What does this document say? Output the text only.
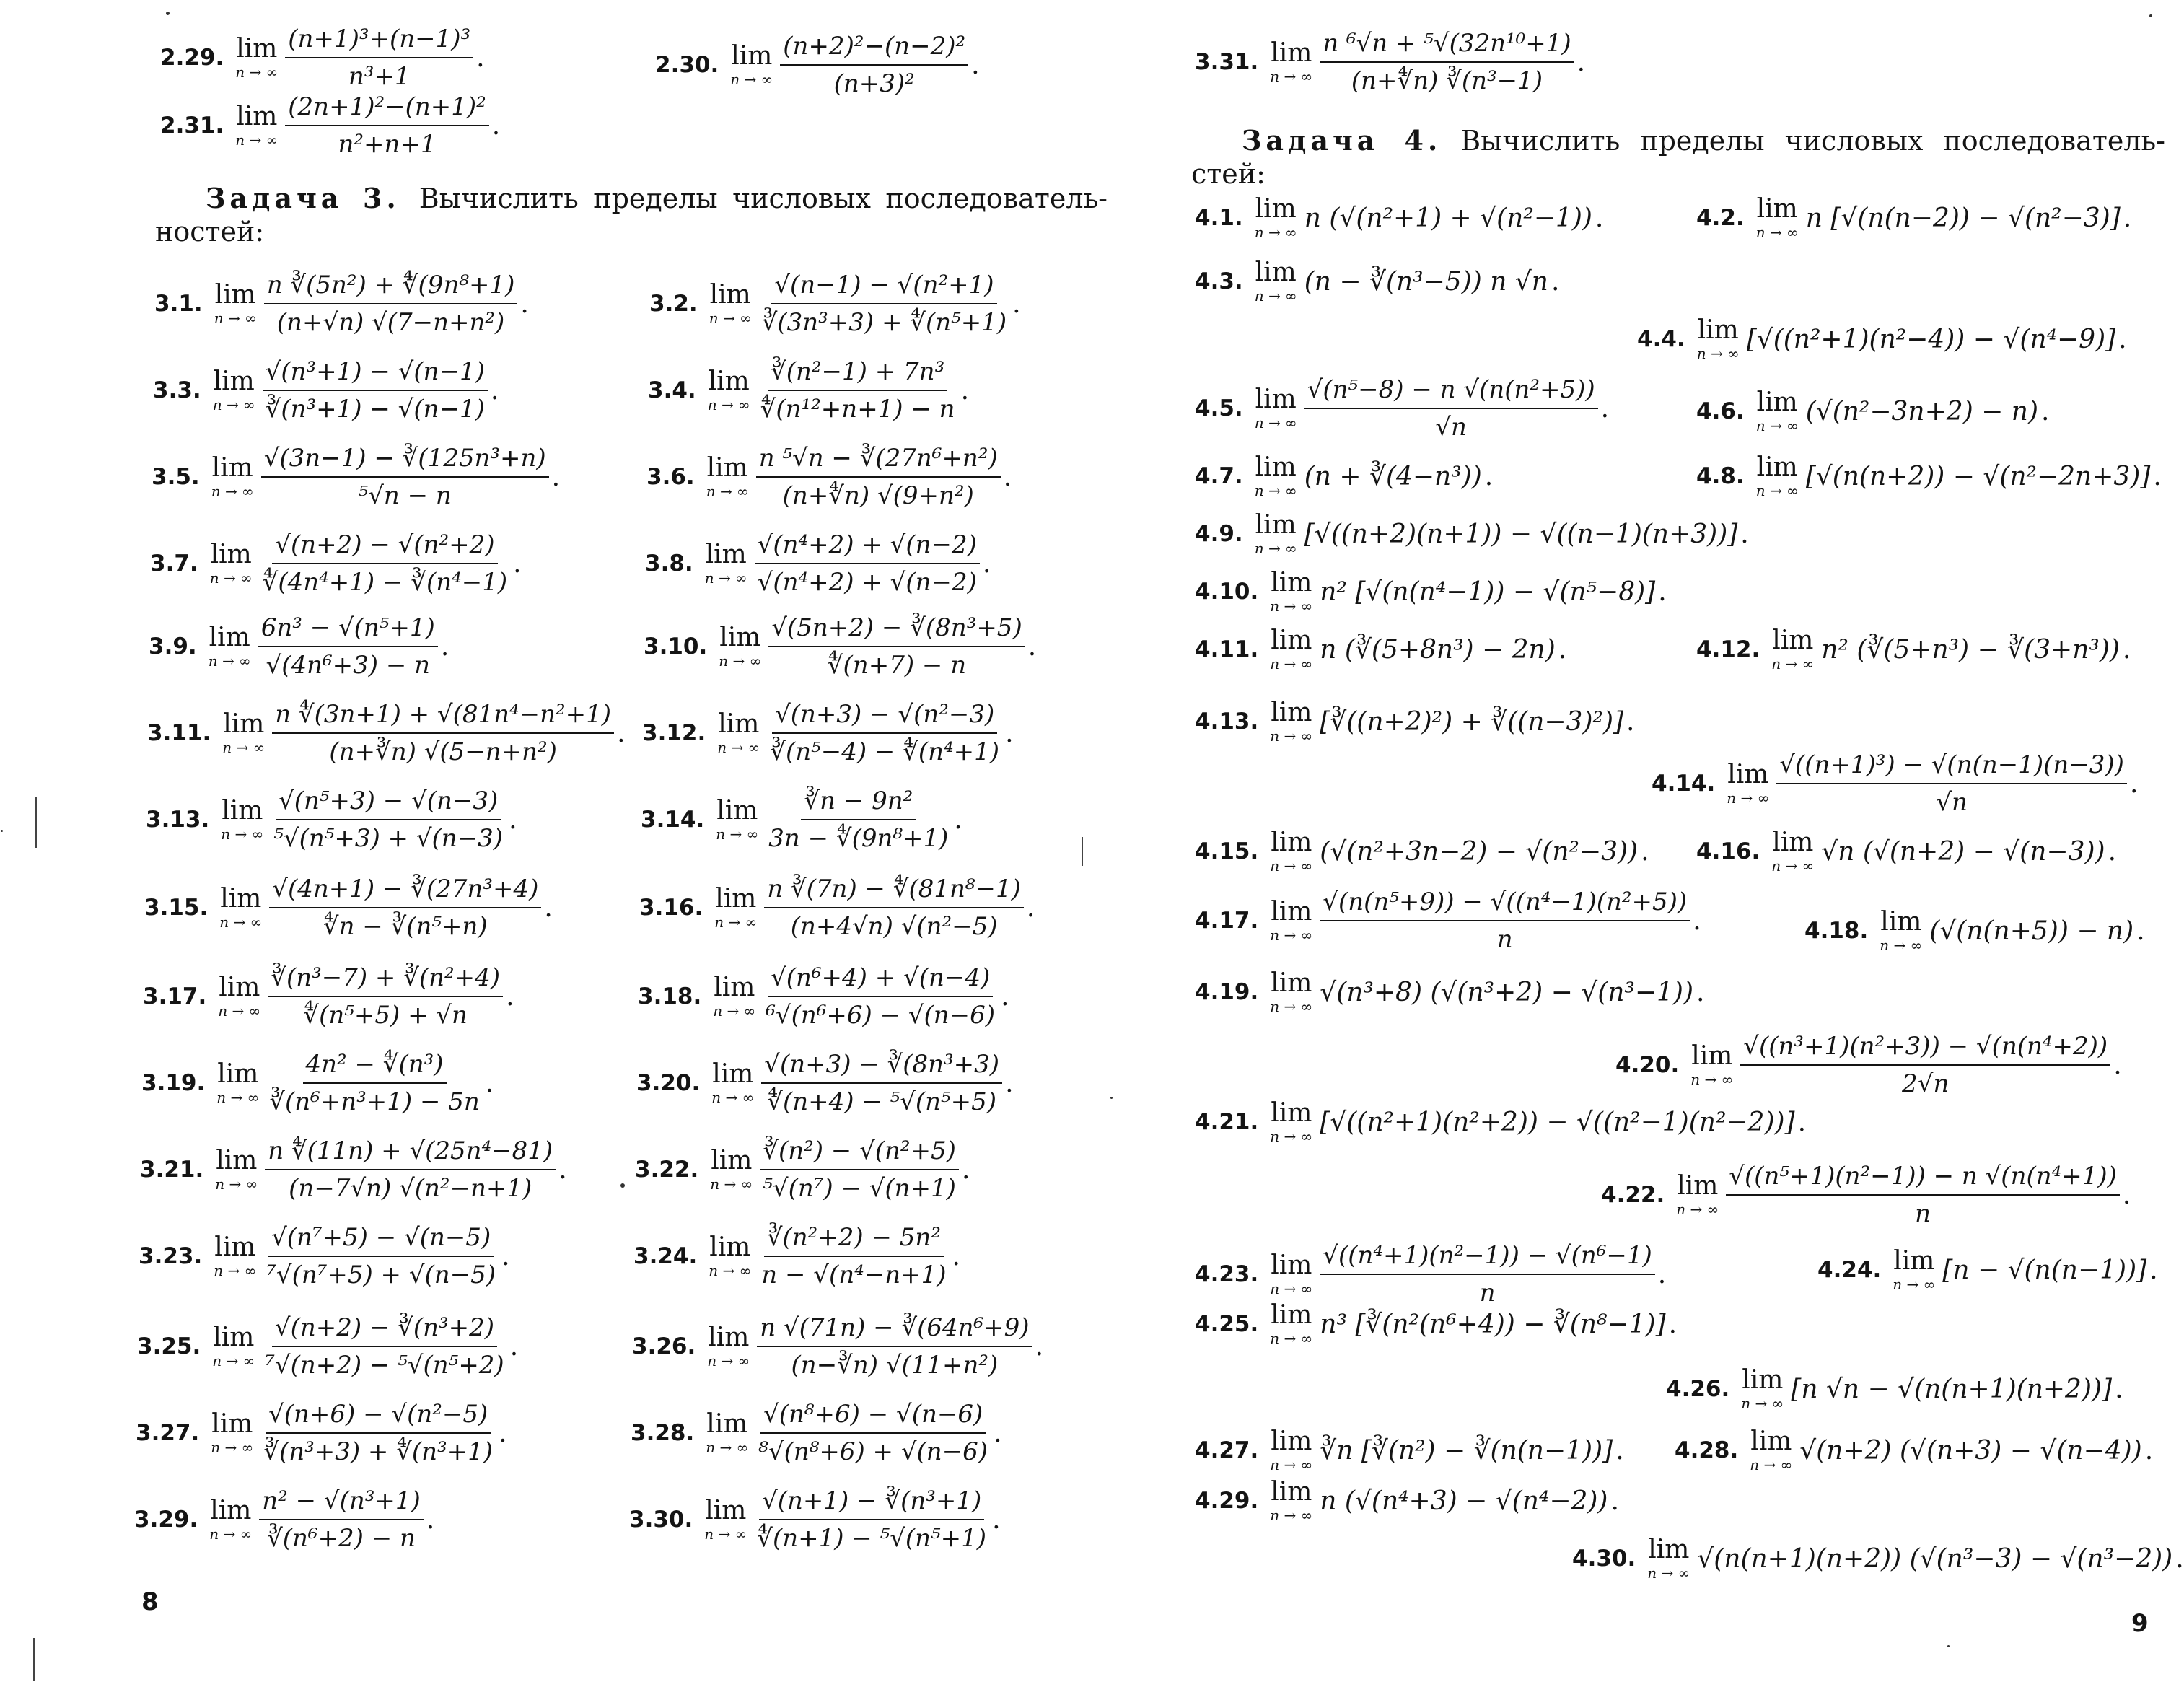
2.29. lim
n → ∞ $\frac{\text{(n+1)³+(n−1)³}}{\text{n³+1}}$ .	2.30. lim
n → ∞ $\frac{\text{(n+2)²−(n−2)²}}{\text{(n+3)²}}$ .
2.31. lim
n → ∞ $\frac{\text{(2n+1)²−(n+1)²}}{\text{n²+n+1}}$ .
Задача 3. Вычислить пределы числовых последователь-
ностей:
3.1. lim
n → ∞ $\frac{\text{n ∛(5n²) + ∜(9n⁸+1)}}{\text{(n+√n) √(7−n+n²)}}$ .	3.2. lim
n → ∞ $\frac{\text{√(n−1) − √(n²+1)}}{\text{∛(3n³+3) + ∜(n⁵+1)}}$ .
3.3. lim
n → ∞ $\frac{\text{√(n³+1) − √(n−1)}}{\text{∛(n³+1) − √(n−1)}}$ .	3.4. lim
n → ∞ $\frac{\text{∛(n²−1) + 7n³}}{\text{∜(n¹²+n+1) − n}}$ .
3.5. lim
n → ∞ $\frac{\text{√(3n−1) − ∛(125n³+n)}}{\text{⁵√n − n}}$ .	3.6. lim
n → ∞ $\frac{\text{n ⁵√n − ∛(27n⁶+n²)}}{\text{(n+∜n) √(9+n²)}}$ .
3.7. lim
n → ∞ $\frac{\text{√(n+2) − √(n²+2)}}{\text{∜(4n⁴+1) − ∛(n⁴−1)}}$ .	3.8. lim
n → ∞ $\frac{\text{√(n⁴+2) + √(n−2)}}{\text{√(n⁴+2) + √(n−2)}}$ .
3.9. lim
n → ∞ $\frac{\text{6n³ − √(n⁵+1)}}{\text{√(4n⁶+3) − n}}$ .	3.10. lim
n → ∞ $\frac{\text{√(5n+2) − ∛(8n³+5)}}{∜(n+7) - n}$ .
3.11. lim
n → ∞ $\frac{\text{n ∜(3n+1) + √(81n⁴−n²+1)}}{\text{(n+∛n) √(5−n+n²)}}$ . 3.12. lim
n → ∞ $\frac{\text{√(n+3) − √(n²−3)}}{\text{∛(n⁵−4) − ∜(n⁴+1)}}$ .
3.13. lim
n → ∞ $\frac{\text{√(n⁵+3) − √(n−3)}}{\text{⁵√(n⁵+3) + √(n−3)}}$ .	3.14. lim
n → ∞ $\frac{\text{∛n − 9n²}}{\text{3n − ∜(9n⁸+1)}}$ .
3.15. lim
n → ∞ $\frac{\text{√(4n+1) − ∛(27n³+4)}}{\text{∜n − ∛(n⁵+n)}}$ .	3.16. lim
n → ∞ $\frac{\text{n ∛(7n) − ∜(81n⁸−1)}}{\text{(n+4√n) √(n²−5)}}$ .
3.17. lim
n → ∞ $\frac{\text{∛(n³−7) + ∛(n²+4)}}{\text{∜(n⁵+5) + √n}}$ .	3.18. lim
n → ∞ $\frac{\text{√(n⁶+4) + √(n−4)}}{\text{⁶√(n⁶+6) − √(n−6)}}$ .
3.19. lim
n → ∞ $\frac{\text{4n² − ∜(n³)}}{\text{∛(n⁶+n³+1) − 5n}}$ .	3.20. lim
n → ∞ $\frac{\text{√(n+3) − ∛(8n³+3)}}{\text{∜(n+4) − ⁵√(n⁵+5)}}$ .
3.21. lim
n → ∞ $\frac{\text{n ∜(11n) + √(25n⁴−81)}}{\text{(n−7√n) √(n²−n+1)}}$ .	3.22. lim
n → ∞ $\frac{\text{∛(n²) − √(n²+5)}}{\text{⁵√(n⁷) − √(n+1)}}$ .
3.23. lim
n → ∞ $\frac{\text{√(n⁷+5) − √(n−5)}}{\text{⁷√(n⁷+5) + √(n−5)}}$ .	3.24. lim
n → ∞ $\frac{\text{∛(n²+2) − 5n²}}{\text{n − √(n⁴−n+1)}}$ .
3.25. lim
n → ∞ $\frac{\text{√(n+2) − ∛(n³+2)}}{\text{⁷√(n+2) − ⁵√(n⁵+2)}}$ .	3.26. lim
n → ∞ $\frac{\text{n √(71n) − ∛(64n⁶+9)}}{\text{(n−∛n) √(11+n²)}}$ .
3.27. lim
n → ∞ $\frac{\text{√(n+6) − √(n²−5)}}{\text{∛(n³+3) + ∜(n³+1)}}$ .	3.28. lim
n → ∞ $\frac{\text{√(n⁸+6) − √(n−6)}}{\text{⁸√(n⁸+6) + √(n−6)}}$ .
3.29. lim
n → ∞ $\frac{\text{n² − √(n³+1)}}{\text{∛(n⁶+2) − n}}$ .	3.30. lim
n → ∞ $\frac{\text{√(n+1) − ∛(n³+1)}}{\text{∜(n+1) − ⁵√(n⁵+1)}}$ .
8
3.31. lim
n → ∞ $\frac{\text{n ⁶√n + ⁵√(32n¹⁰+1)}}{\text{(n+∜n) ∛(n³−1)}}$ .
Задача 4. Вычислить пределы числовых последователь-
стей:
4.1. lim
n → ∞ n (√(n²+1) + √(n²−1)) .	4.2. lim
n → ∞ n [√(n(n−2)) − √(n²−3)] .
4.3. lim
n → ∞ (n − ∛(n³−5)) n √n .
4.4. lim
n → ∞ [√((n²+1)(n²−4)) − √(n⁴−9)] .
4.5. lim
n → ∞ $\frac{\text{√(n⁵−8) − n √(n(n²+5))}}{√n}$ .	4.6. lim
n → ∞ (√(n²−3n+2) − n) .
4.7. lim
n → ∞ (n + ∛(4−n³)) .	4.8. lim
n → ∞ [√(n(n+2)) − √(n²−2n+3)] .
4.9. lim
n → ∞ [√((n+2)(n+1)) − √((n−1)(n+3))] .
4.10. lim
n → ∞ n² [√(n(n⁴−1)) − √(n⁵−8)] .
4.11. lim
n → ∞ n (∛(5+8n³) − 2n) .	4.12. lim
n → ∞ n² (∛(5+n³) − ∛(3+n³)) .
4.13. lim
n → ∞ [∛((n+2)²) + ∛((n−3)²)] .
4.14. lim
n → ∞ $\frac{\text{√((n+1)³) − √(n(n−1)(n−3))}}{√n}$ .
4.15. lim
n → ∞ (√(n²+3n−2) − √(n²−3)) . 4.16. lim
n → ∞ √n (√(n+2) − √(n−3)) .
4.17. lim
n → ∞ $\frac{\text{√(n(n⁵+9)) − √((n⁴−1)(n²+5))}}{n}$ .	4.18. lim
n → ∞ (√(n(n+5)) − n) .
4.19. lim
n → ∞ √(n³+8) (√(n³+2) − √(n³−1)) .
4.20. lim
n → ∞ $\frac{\text{√((n³+1)(n²+3)) − √(n(n⁴+2))}}{2√n}$ .
4.21. lim
n → ∞ [√((n²+1)(n²+2)) − √((n²−1)(n²−2))] .
4.22. lim
n → ∞ $\frac{\text{√((n⁵+1)(n²−1)) − n √(n(n⁴+1))}}{n}$ .
4.23. lim
n → ∞ $\frac{\text{√((n⁴+1)(n²−1)) − √(n⁶−1)}}{n}$ .	4.24. lim
n → ∞ [n − √(n(n−1))] .
4.25. lim
n → ∞ n³ [∛(n²(n⁶+4)) − ∛(n⁸−1)] .
4.26. lim
n → ∞ [n √n − √(n(n+1)(n+2))] .
4.27. lim
n → ∞ ∛n [∛(n²) − ∛(n(n−1))] . 4.28. lim
n → ∞ √(n+2) (√(n+3) − √(n−4)) .
4.29. lim
n → ∞ n (√(n⁴+3) − √(n⁴−2)) .
4.30. lim
n → ∞ √(n(n+1)(n+2)) (√(n³−3) − √(n³−2)) .
9
